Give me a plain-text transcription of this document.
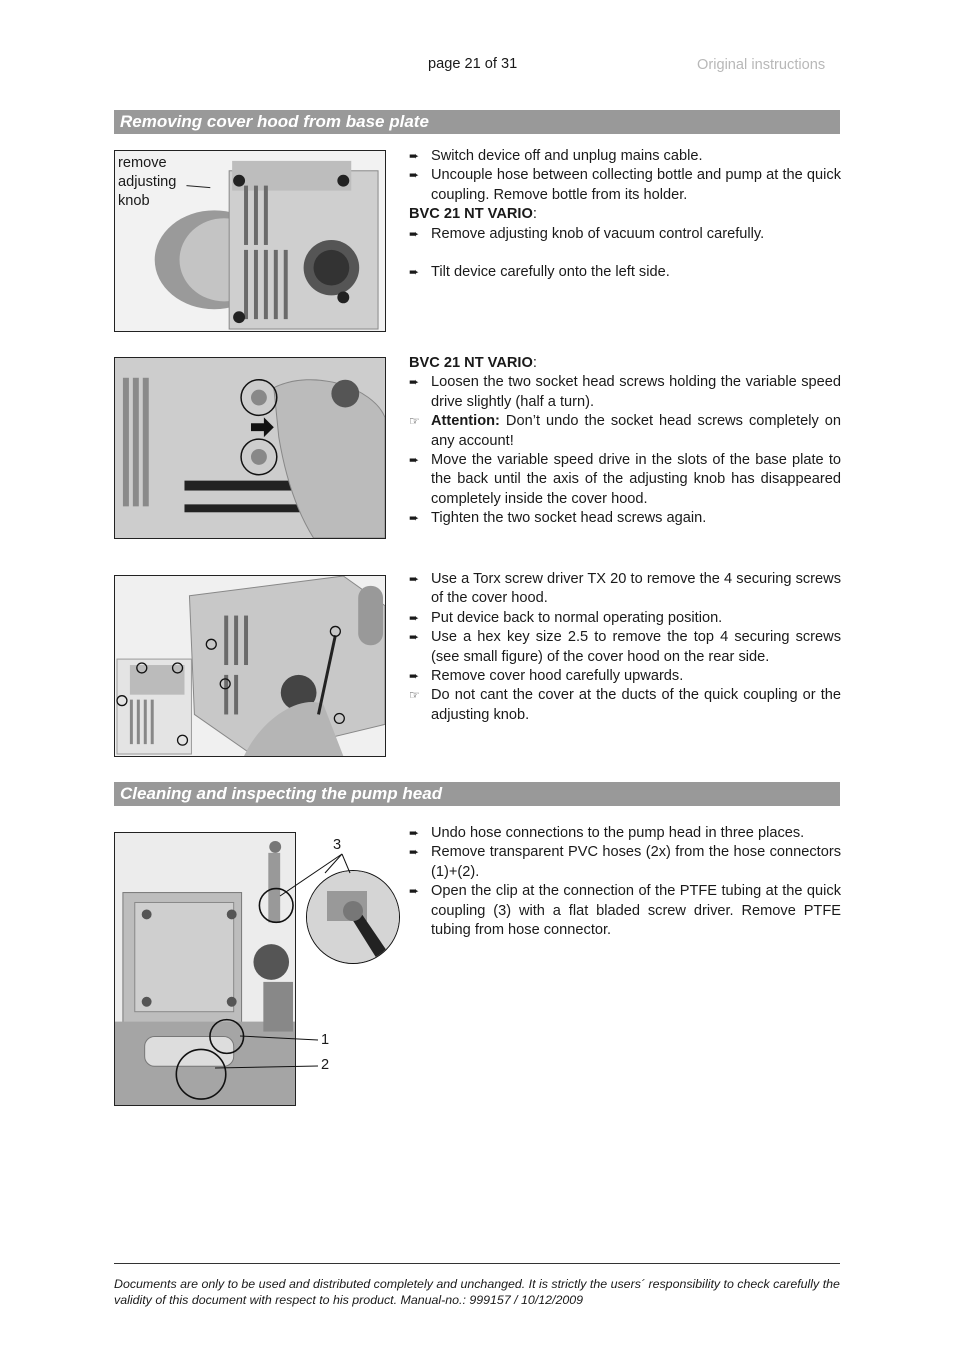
page 21 of 31	Original instructions
Removing cover hood from base plate
remove
adjusting
knob
➨ Switch device off and unplug mains cable.
➨ Uncouple hose between collecting bottle and pump at the quick coupling. Remove bottle from its holder.
BVC 21 NT VARIO:
➨ Remove adjusting knob of vacuum control carefully.
➨ Tilt device carefully onto the left side.
BVC 21 NT VARIO:
➨ Loosen the two socket head screws holding the variable speed drive slightly (half a turn).
☞ Attention: Don’t undo the socket head screws completely on any account!
➨ Move the variable speed drive in the slots of the base plate to the back until the axis of the adjusting knob has disappeared completely inside the cover hood.
➨ Tighten the two socket head screws again.
➨ Use a Torx screw driver TX 20 to remove the 4 securing screws of the cover hood.
➨ Put device back to normal operating position.
➨ Use a hex key size 2.5 to remove the top 4 securing screws (see small figure) of the cover hood on the rear side.
➨ Remove cover hood carefully upwards.
☞ Do not cant the cover at the ducts of the quick coupling or the adjusting knob.
Cleaning and inspecting the pump head
3
1
2
➨ Undo hose connections to the pump head in three places.
➨ Remove transparent PVC hoses (2x) from the hose connectors (1)+(2).
➨ Open the clip at the connection of the PTFE tubing at the quick coupling (3) with a flat bladed screw driver. Remove PTFE tubing from hose connector.
Documents are only to be used and distributed completely and unchanged. It is strictly the users´ responsibility to check carefully the validity of this document with respect to his product. Manual-no.: 999157 / 10/12/2009
